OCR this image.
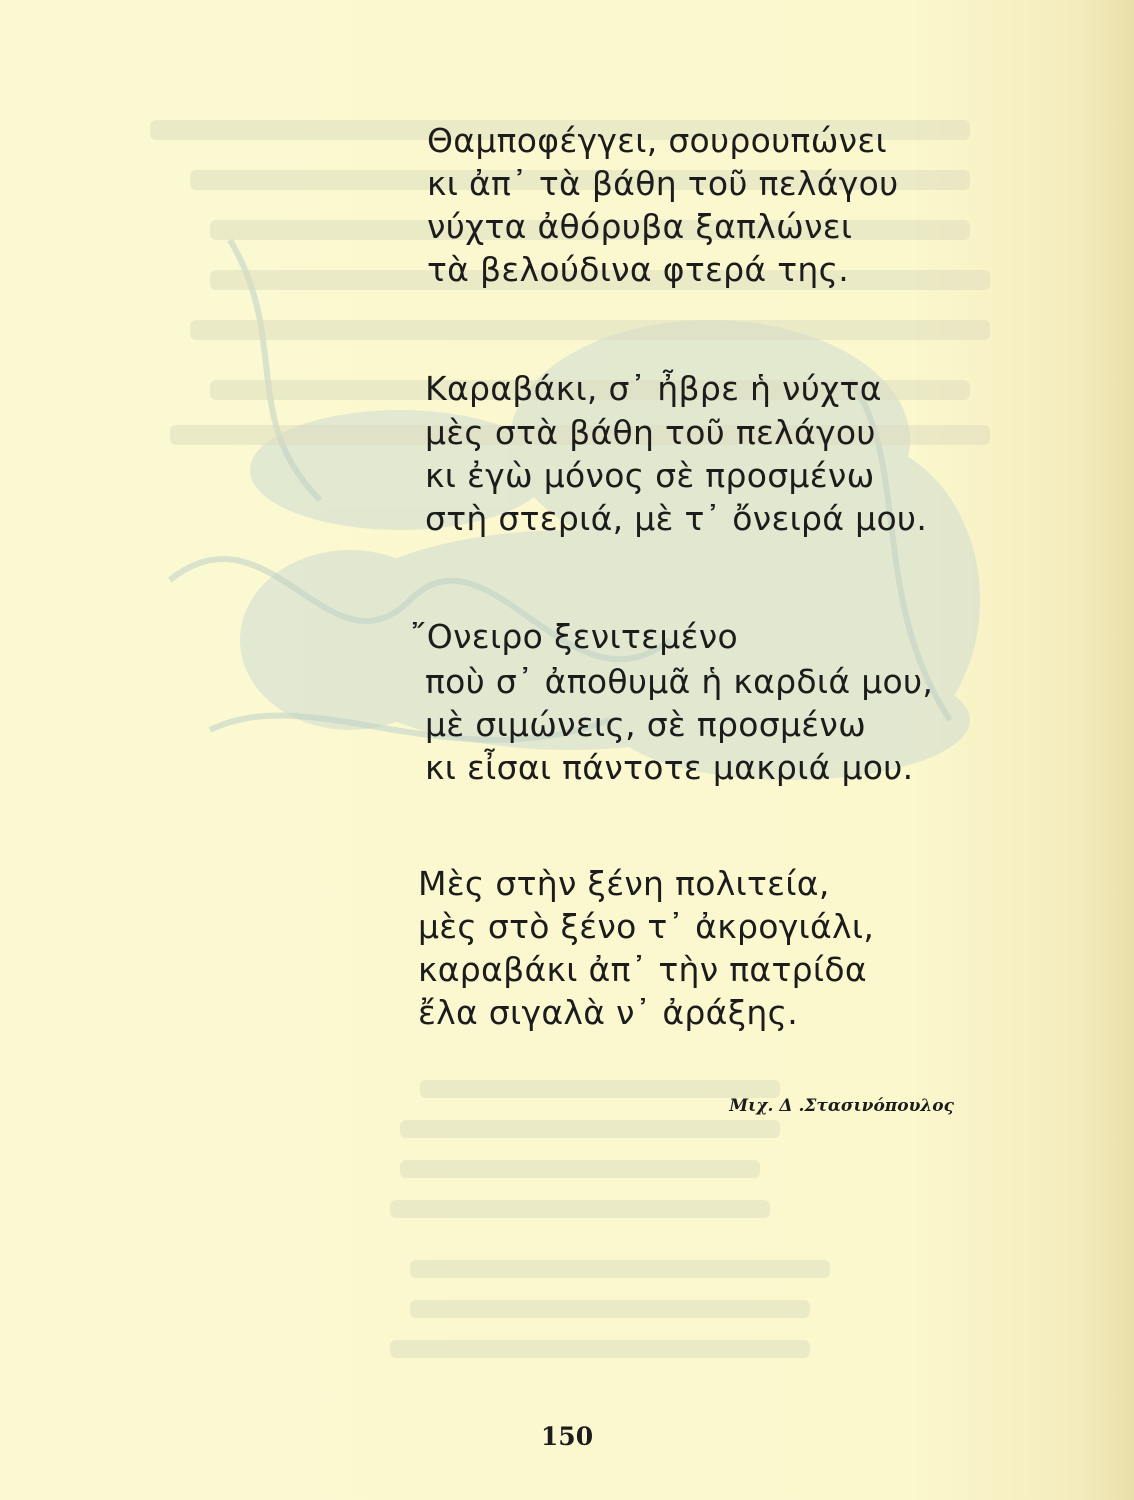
Θαμποφέγγει, σουρουπώνει
κι ἀπ᾽ τὰ βάθη τοῦ πελάγου
νύχτα ἀθόρυβα ξαπλώνει
τὰ βελούδινα φτερά της.
Καραβάκι, σ᾽ ἦβρε ἡ νύχτα
μὲς στὰ βάθη τοῦ πελάγου
κι ἐγὼ μόνος σὲ προσμένω
στὴ στεριά, μὲ τ᾽ ὄνειρά μου.
῎Ονειρο ξενιτεμένο
ποὺ σ᾽ ἀποθυμᾶ ἡ καρδιά μου,
μὲ σιμώνεις, σὲ προσμένω
κι εἶσαι πάντοτε μακριά μου.
Μὲς στὴν ξένη πολιτεία,
μὲς στὸ ξένο τ᾽ ἀκρογιάλι,
καραβάκι ἀπ᾽ τὴν πατρίδα
ἔλα σιγαλὰ ν᾽ ἀράξης.
Μιχ. Δ .Στασινόπουλος
150
